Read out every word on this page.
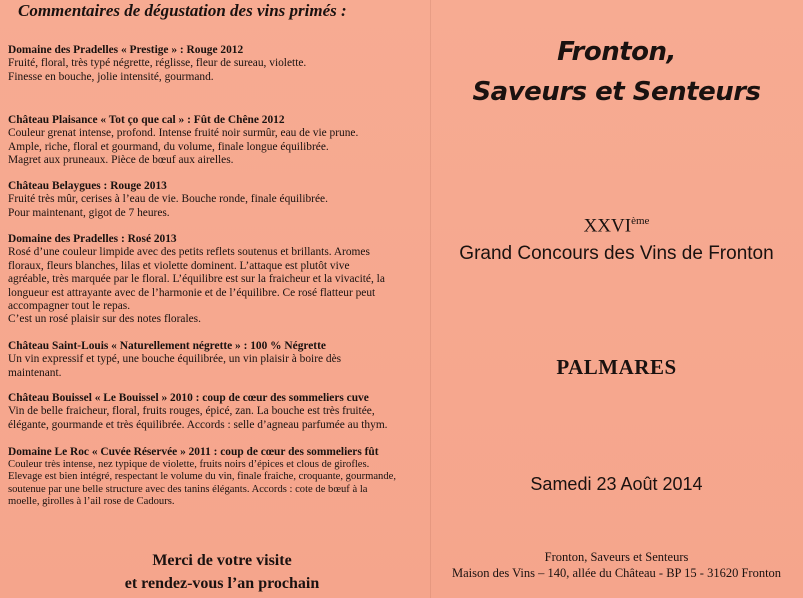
Commentaires de dégustation des vins primés :
Domaine des Pradelles « Prestige » : Rouge 2012
Fruité, floral, très typé négrette, réglisse, fleur de sureau, violette.
Finesse en bouche, jolie intensité, gourmand.
Château Plaisance « Tot ço que cal » : Fût de Chêne 2012
Couleur grenat intense, profond. Intense fruité noir surmûr, eau de vie prune.
Ample, riche, floral et gourmand, du volume, finale longue équilibrée.
Magret aux pruneaux. Pièce de bœuf aux airelles.
Château Belaygues : Rouge 2013
Fruité très mûr, cerises à l’eau de vie. Bouche ronde, finale équilibrée.
Pour maintenant, gigot de 7 heures.
Domaine des Pradelles : Rosé 2013
Rosé d’une couleur limpide avec des petits reflets soutenus et brillants. Aromes
floraux, fleurs blanches, lilas et violette dominent. L’attaque est plutôt vive
agréable, très marquée par le floral. L’équilibre est sur la fraicheur et la vivacité, la
longueur est attrayante avec de l’harmonie et de l’équilibre. Ce rosé flatteur peut
accompagner tout le repas.
C’est un rosé plaisir sur des notes florales.
Château Saint-Louis « Naturellement négrette » : 100 % Négrette
Un vin expressif et typé, une bouche équilibrée, un vin plaisir à boire dès
maintenant.
Château Bouissel « Le Bouissel » 2010 : coup de cœur des sommeliers cuve
Vin de belle fraicheur, floral, fruits rouges, épicé, zan. La bouche est très fruitée,
élégante, gourmande et très équilibrée. Accords : selle d’agneau parfumée au thym.
Domaine Le Roc « Cuvée Réservée » 2011 : coup de cœur des sommeliers fût
Couleur très intense, nez typique de violette, fruits noirs d’épices et clous de girofles.
Elevage est bien intégré, respectant le volume du vin, finale fraiche, croquante, gourmande,
soutenue par une belle structure avec des tanins élégants. Accords : cote de bœuf à la
moelle, girolles à l’ail rose de Cadours.
Merci de votre visite
et rendez-vous l’an prochain
Fronton,
Saveurs et Senteurs
XXVIème
Grand Concours des Vins de Fronton
PALMARES
Samedi 23 Août 2014
Fronton, Saveurs et Senteurs
Maison des Vins – 140, allée du Château - BP 15 - 31620 Fronton
